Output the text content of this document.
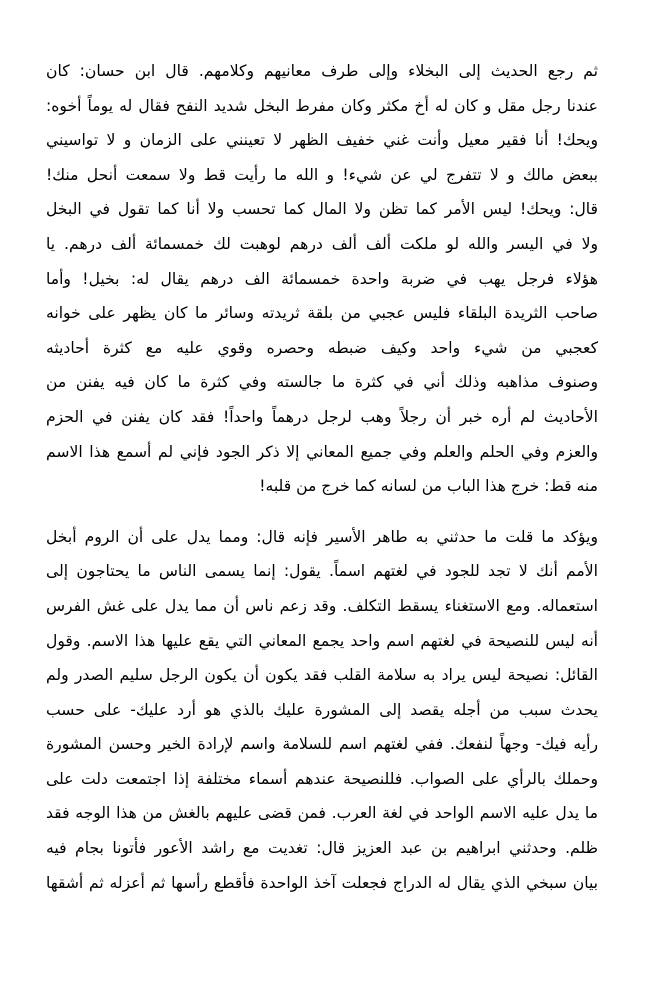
ثم رجع الحديث إلى البخلاء وإلى طرف معانيهم وكلامهم. قال ابن حسان: كان
عندنا رجل مقل و كان له أخ مكثر وكان مفرط البخل شديد النفح فقال له يوماً أخوه:
ويحك! أنا فقير معيل وأنت غني خفيف الظهر لا تعينني على الزمان و لا تواسيني
ببعض مالك و لا تتفرج لي عن شيء! و الله ما رأيت قط ولا سمعت أنحل منك!
قال: ويحك! ليس الأمر كما تظن ولا المال كما تحسب ولا أنا كما تقول في البخل
ولا في اليسر والله لو ملكت ألف ألف درهم لوهبت لك خمسمائة ألف درهم. يا
هؤلاء فرجل يهب في ضربة واحدة خمسمائة الف درهم يقال له: بخيل! وأما
صاحب الثريدة البلقاء فليس عجبي من بلقة ثريدته وسائر ما كان يظهر على خوانه
كعجبي من شيء واحد وكيف ضبطه وحصره وقوي عليه مع كثرة أحاديثه
وصنوف مذاهبه وذلك أني في كثرة ما جالسته وفي كثرة ما كان فيه يفنن من
الأحاديث لم أره خبر أن رجلاً وهب لرجل درهماً واحداً! فقد كان يفنن في الحزم
والعزم وفي الحلم والعلم وفي جميع المعاني إلا ذكر الجود فإني لم أسمع هذا الاسم
منه قط: خرج هذا الباب من لسانه كما خرج من قلبه!
ويؤكد ما قلت ما حدثني به طاهر الأسير فإنه قال: ومما يدل على أن الروم أبخل
الأمم أنك لا تجد للجود في لغتهم اسماً. يقول: إنما يسمى الناس ما يحتاجون إلى
استعماله. ومع الاستغناء يسقط التكلف. وقد زعم ناس أن مما يدل على غش الفرس
أنه ليس للنصيحة في لغتهم اسم واحد يجمع المعاني التي يقع عليها هذا الاسم. وقول
القائل: نصيحة ليس يراد به سلامة القلب فقد يكون أن يكون الرجل سليم الصدر ولم
يحدث سبب من أجله يقصد إلى المشورة عليك بالذي هو أرد عليك- على حسب
رأيه فيك- وجهاً لنفعك. ففي لغتهم اسم للسلامة واسم لإرادة الخير وحسن المشورة
وحملك بالرأي على الصواب. فللنصيحة عندهم أسماء مختلفة إذا اجتمعت دلت على
ما يدل عليه الاسم الواحد في لغة العرب. فمن قضى عليهم بالغش من هذا الوجه فقد
ظلم. وحدثني ابراهيم بن عبد العزيز قال: تغديت مع راشد الأعور فأتونا بجام فيه
بيان سبخي الذي يقال له الدراج فجعلت آخذ الواحدة فأقطع رأسها ثم أعزله ثم أشقها
